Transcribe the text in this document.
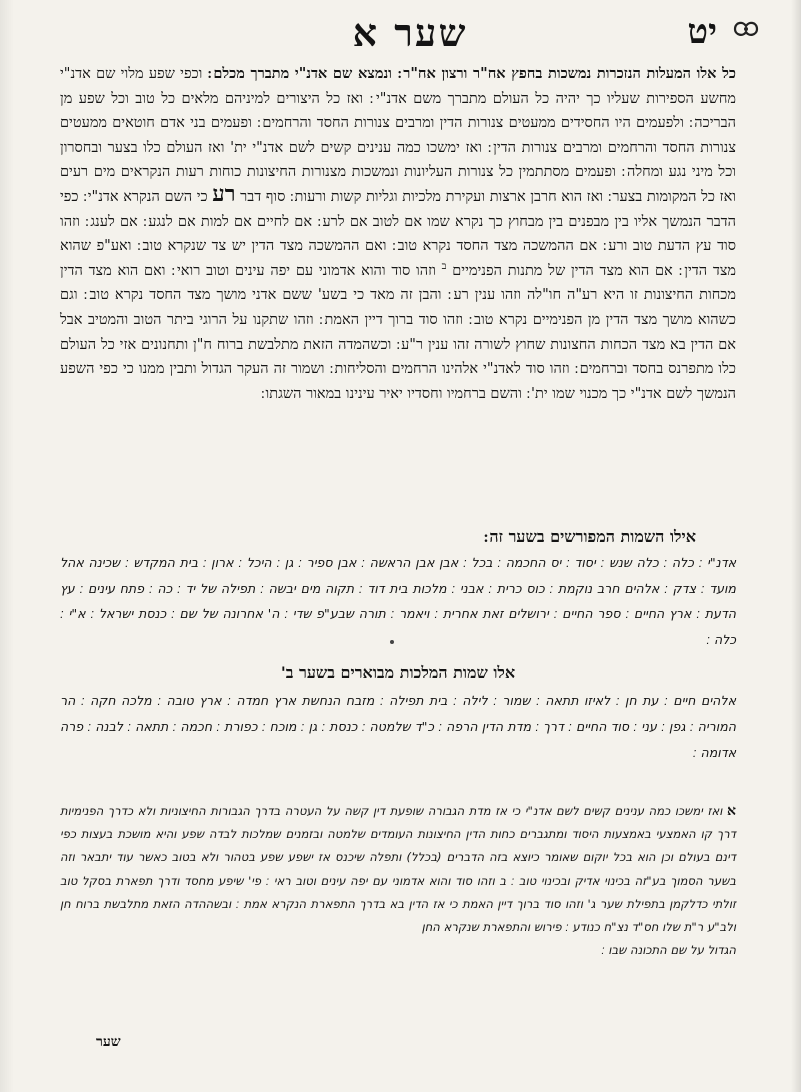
יט
שער א

כל אלו המעלות הנזכרות נמשכות בחפץ אח"ר ורצון אח"ר ׃ ונמצא שם אדנ"י מתברך מכלם ׃ וכפי שפע מלוי שם אדנ"י מחשע הספירות שעליו כך יהיה כל העולם מתברך משם אדנ"י ׃ ואז כל היצורים למיניהם מלאים כל טוב וכל שפע מן הבריכה ׃ ולפעמים היו החסידים ממעטים צנורות הדין ומרבים צנורות החסד והרחמים ׃ ופעמים בני אדם חוטאים ממעטים צנורות החסד והרחמים ומרבים צנורות הדין ׃ ואז ימשכו כמה ענינים קשים לשם אדנ"י ית' ואז העולם כלו בצער ובחסרון וכל מיני נגע ומחלה ׃ ופעמים מסתתמין כל צנורות העליונות ונמשכות מצנורות החיצונות כוחות רעות הנקראים מים רעים ואז כל המקומות בצער ׃ ואז הוא חרבן ארצות ועקירת מלכיות וגליות קשות ורעות ׃ סוף דבר רע כי השם הנקרא אדנ"י ׃ כפי הדבר הנמשך אליו בין מבפנים בין מבחוץ כך נקרא שמו אם לטוב אם לרע ׃ אם לחיים אם למות אם לנגע ׃ אם לענג ׃ וזהו סוד עץ הדעת טוב ורע ׃ אם ההמשכה מצד החסד נקרא טוב ׃ ואם ההמשכה מצד הדין יש צד שנקרא טוב ׃ ואע"פ שהוא מצד הדין ׃ אם הוא מצד הדין של מתנות הפנימיים $^ב$ וזהו סוד והוא אדמוני עם יפה עינים וטוב רואי ׃ ואם הוא מצד הדין מכחות החיצונות זו היא רע"ה חו"לה וזהו ענין רע ׃ והבן זה מאד כי בשע' ששם אדני מושך מצד החסד נקרא טוב ׃ וגם כשהוא מושך מצד הדין מן הפנימיים נקרא טוב ׃ וזהו סוד ברוך דיין האמת ׃ וזהו שתקנו על הרוגי ביתר הטוב והמטיב אבל אם הדין בא מצד הכחות החצונות שחוץ לשורה זהו ענין ר"ע ׃ וכשהמדה הזאת מתלבשת ברוח ח"ן ותחנונים אזי כל העולם כלו מתפרנס בחסד וברחמים ׃ וזהו סוד לאדנ"י אלהינו הרחמים והסליחות ׃ ושמור זה העקר הגדול ותבין ממנו כי כפי השפע הנמשך לשם אדנ"י כך מכנוי שמו ית' ׃ והשם ברחמיו וחסדיו יאיר עינינו במאור השגתו ׃

אילו השמות המפורשים בשער זה ׃
אדנ"י ׃ כלה ׃ כלה שנש ׃ יסוד ׃ יס החכמה ׃ בכל ׃ אבן אבן הראשה ׃ אבן ספיר ׃ גן ׃ היכל ׃ ארון ׃ בית המקדש ׃ שכינה אהל מועד ׃ צדק ׃ אלהים חרב נוקמת ׃ כוס כרית ׃ אבני ׃ מלכות בית דוד ׃ תקוה מים יבשה ׃ תפילה של יד ׃ כה ׃ פתח עינים ׃ עץ הדעת ׃ ארץ החיים ׃ ספר החיים ׃ ירושלים זאת אחרית ׃ ויאמר ׃ תורה שבע"פ שדי ׃ ה' אחרונה של שם ׃ כנסת ישראל ׃ א"י ׃ כלה ׃
אלו שמות המלכות מבוארים בשער ב'
אלהים חיים ׃ עת חן ׃ לאיזו תתאה ׃ שמור ׃ לילה ׃ בית תפילה ׃ מזבח הנחשת ארץ חמדה ׃ ארץ טובה ׃ מלכה חקה ׃ הר המוריה ׃ גפן ׃ עני ׃ סוד החיים ׃ דרך ׃ מדת הדין הרפה ׃ כ"ד שלמטה ׃ כנסת ׃ גן ׃ מוכח ׃ כפורת ׃ חכמה ׃ תתאה ׃ לבנה ׃ פרה אדומה ׃
א ואז ימשכו כמה ענינים קשים לשם אדנ"י כי אז מדת הגבורה שופעת דין קשה על העטרה בדרך הגבורות החיצוניות ולא כדרך הפנימיות דרך קו האמצעי באמצעות היסוד ומתגברים כחות הדין החיצונות העומדים שלמטה ובזמנים שמלכות לבדה שפע והיא מושכת בעצות כפי דינם בעולם וכן הוא בכל יוקום שאומר כיוצא בזה הדברים (בכלל) ותפלה שיכנס אז ישפע שפע בטהור ולא בטוב כאשר עוד יתבאר וזה בשער הסמוך בע"זה בכינוי אדיק ובכינוי טוב ׃ ב וזהו סוד והוא אדמוני עם יפה עינים וטוב ראי ׃ פי' שיפע מחסד ודרך תפארת בסקל טוב זולתי כדלקמן בתפילת שער ג' וזהו סוד ברוך דיין האמת כי אז הדין בא בדרך התפארת הנקרא אמת ׃ ובשההדה הזאת מתלבשת ברוח חן ולב"ע ר"ת שלו חס"ד נצ"ח כנודע ׃ פירוש והתפארת שנקרא החן
הגדול על שם התכונה שבו ׃
שער
